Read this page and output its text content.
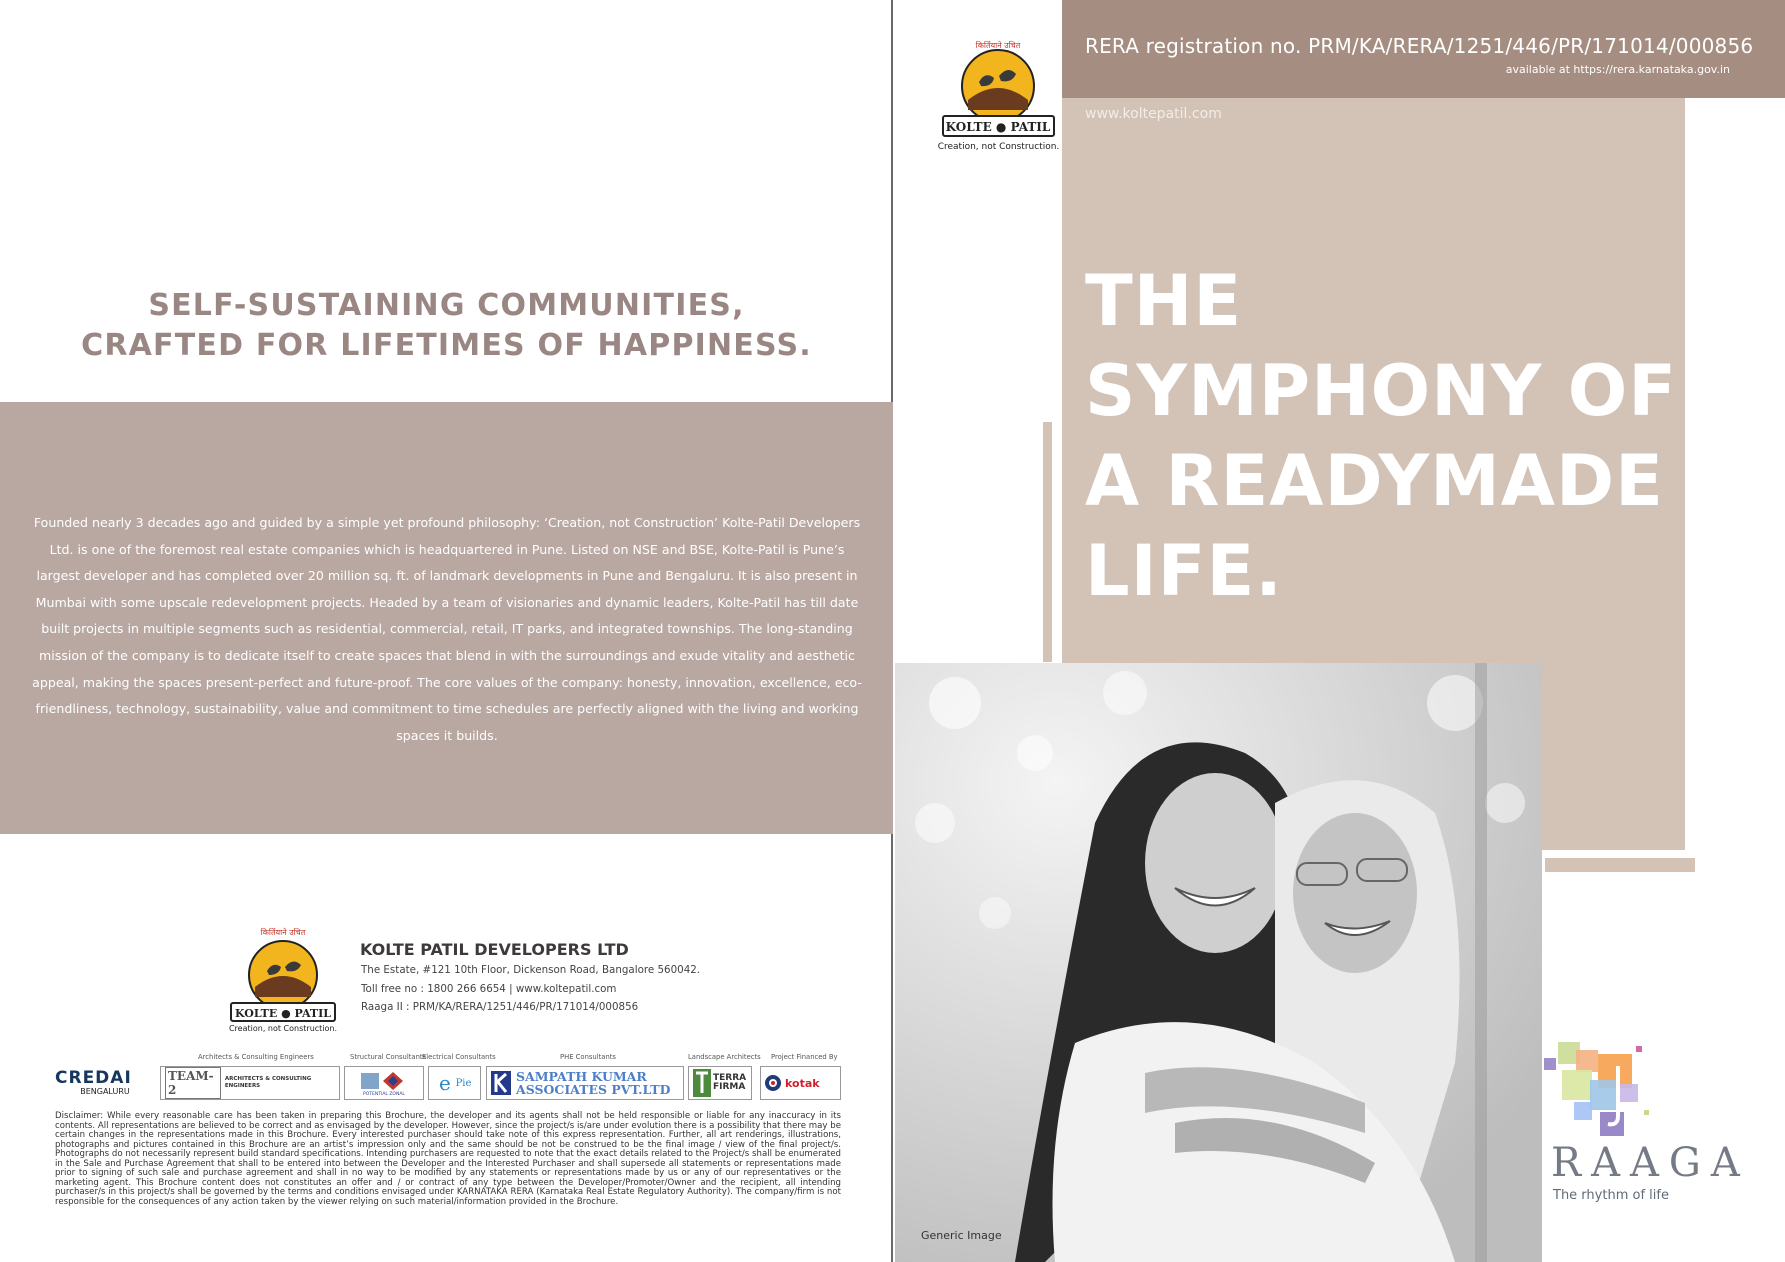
SELF-SUSTAINING COMMUNITIES,
CRAFTED FOR LIFETIMES OF HAPPINESS.

Founded nearly 3 decades ago and guided by a simple yet profound philosophy: ‘Creation, not Construction’ Kolte-Patil Developers Ltd. is one of the foremost real estate companies which is headquartered in Pune. Listed on NSE and BSE, Kolte-Patil is Pune’s largest developer and has completed over 20 million sq. ft. of landmark developments in Pune and Bengaluru. It is also present in Mumbai with some upscale redevelopment projects. Headed by a team of visionaries and dynamic leaders, Kolte-Patil has till date built projects in multiple segments such as residential, commercial, retail, IT parks, and integrated townships. The long-standing mission of the company is to dedicate itself to create spaces that blend in with the surroundings and exude vitality and aesthetic appeal, making the spaces present-perfect and future-proof. The core values of the company: honesty, innovation, excellence, eco-friendliness, technology, sustainability, value and commitment to time schedules are perfectly aligned with the living and working spaces it builds.

किर्तियाने उचित
KOLTE ● PATIL
Creation, not Construction.
KOLTE PATIL DEVELOPERS LTD
The Estate, #121 10th Floor, Dickenson Road, Bangalore 560042.
Toll free no : 1800 266 6654 | www.koltepatil.com
Raaga II : PRM/KA/RERA/1251/446/PR/171014/000856
CREDAI
BENGALURU
Architects & Consulting Engineers
TEAM-2
ARCHITECTS & CONSULTING ENGINEERS
Structural Consultants
POTENTIAL ZONAL
Electrical Consultants
e Pie
PHE Consultants
SAMPATH KUMAR ASSOCIATES PVT.LTD
Landscape Architects
TERRA FIRMA
Project Financed By
kotak

Disclaimer: While every reasonable care has been taken in preparing this Brochure, the developer and its agents shall not be held responsible or liable for any inaccuracy in its contents. All representations are believed to be correct and as envisaged by the developer. However, since the project/s is/are under evolution there is a possibility that there may be certain changes in the representations made in this Brochure. Every interested purchaser should take note of this express representation. Further, all art renderings, illustrations, photographs and pictures contained in this Brochure are an artist’s impression only and the same should be not be construed to be the final image / view of the final project/s. Photographs do not necessarily represent build standard specifications. Intending purchasers are requested to note that the exact details related to the Project/s shall be enumerated in the Sale and Purchase Agreement that shall to be entered into between the Developer and the Interested Purchaser and shall supersede all statements or representations made prior to signing of such sale and purchase agreement and shall in no way to be modified by any statements or representations made by us or any of our representatives or the marketing agent. This Brochure content does not constitutes an offer and / or contract of any type between the Developer/Promoter/Owner and the recipient, all intending purchaser/s in this project/s shall be governed by the terms and conditions envisaged under KARNATAKA RERA (Karnataka Real Estate Regulatory Authority). The company/firm is not responsible for the consequences of any action taken by the viewer relying on such material/information provided in the Brochure.

RERA registration no. PRM/KA/RERA/1251/446/PR/171014/000856
available at https://rera.karnataka.gov.in
www.koltepatil.com
किर्तियाने उचित
KOLTE ● PATIL
Creation, not Construction.
THE
SYMPHONY OF
A READYMADE
LIFE.
Generic Image
RAAGA
The rhythm of life
